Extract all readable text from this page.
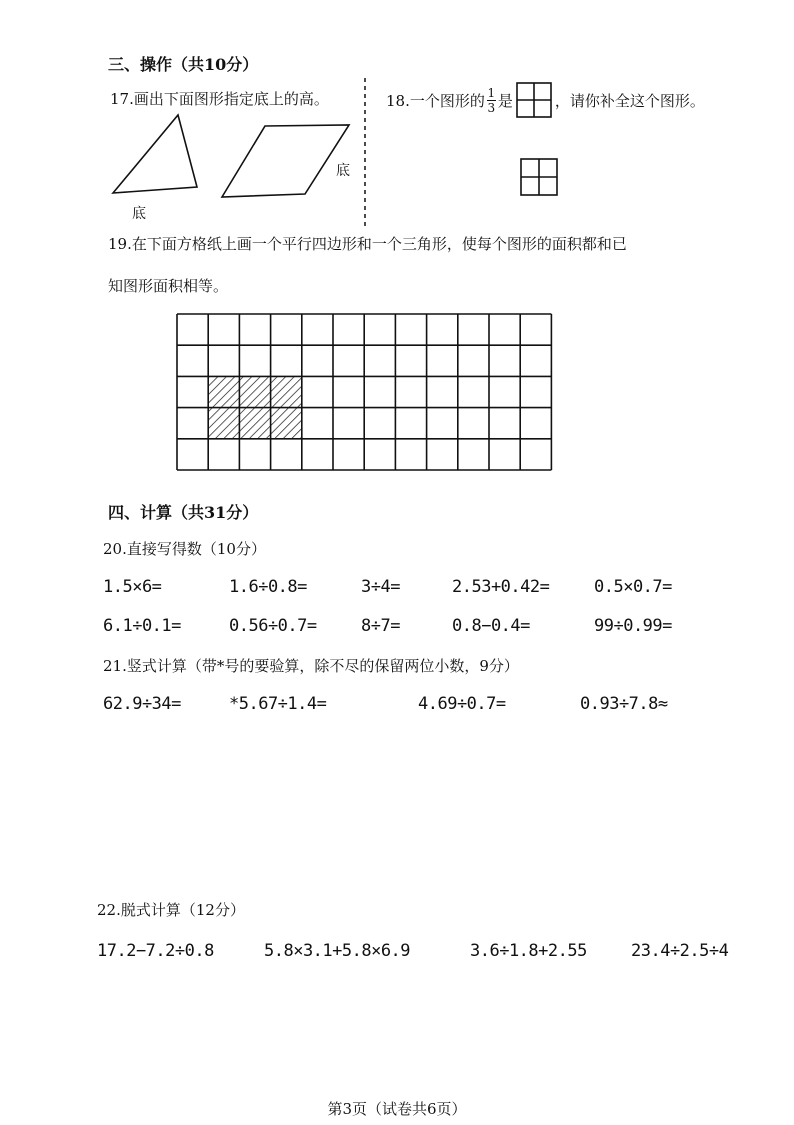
三、操作（共10分）
17.画出下面图形指定底上的高。
底
底
18.一个图形的 $\frac{1}{3}$ 是	，请你补全这个图形。
19.在下面方格纸上画一个平行四边形和一个三角形，使每个图形的面积都和已
知图形面积相等。
四、计算（共31分）
20.直接写得数（10分）
1.5×6=	1.6÷0.8=	3÷4=	2.53+0.42=	0.5×0.7=
6.1÷0.1=	0.56÷0.7=	8÷7=	0.8−0.4=	99÷0.99=
21.竖式计算（带*号的要验算，除不尽的保留两位小数，9分）
62.9÷34=	*5.67÷1.4=	4.69÷0.7=	0.93÷7.8≈
22.脱式计算（12分）
17.2−7.2÷0.8	5.8×3.1+5.8×6.9	3.6÷1.8+2.55	23.4÷2.5÷4
第3页（试卷共6页）
